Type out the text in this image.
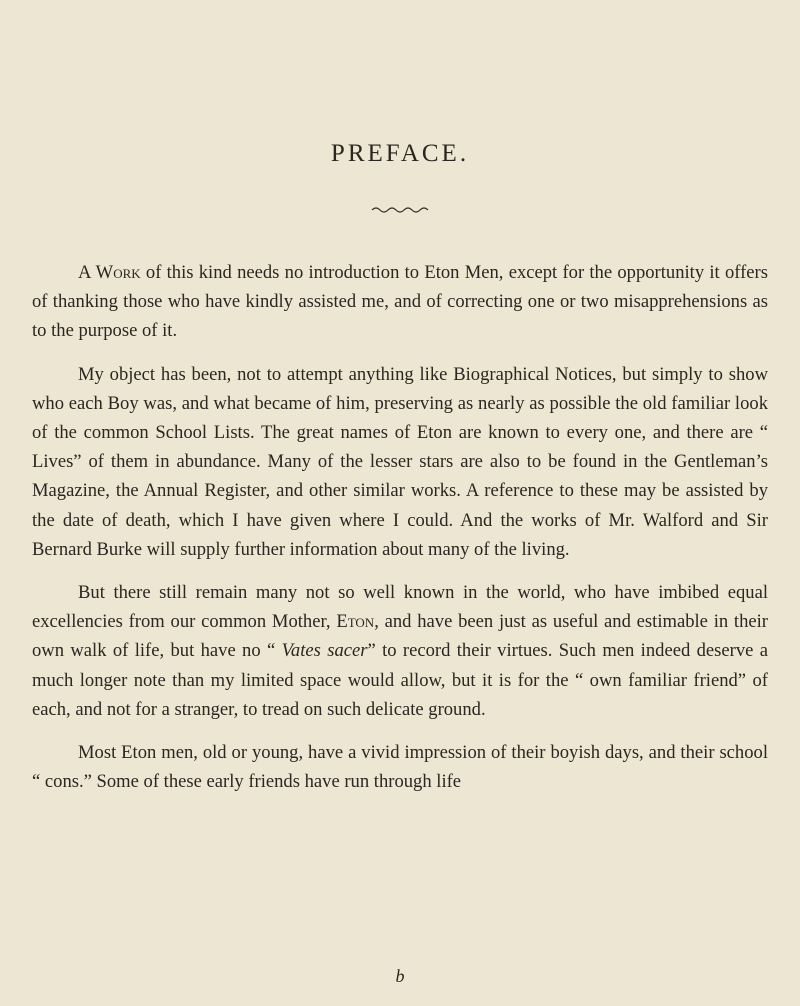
PREFACE.

A Work of this kind needs no introduction to Eton Men, except for the opportunity it offers of thanking those who have kindly assisted me, and of correcting one or two misapprehensions as to the purpose of it.

My object has been, not to attempt anything like Biographical Notices, but simply to show who each Boy was, and what became of him, preserving as nearly as possible the old familiar look of the common School Lists. The great names of Eton are known to every one, and there are “ Lives” of them in abundance. Many of the lesser stars are also to be found in the Gentleman’s Magazine, the Annual Register, and other similar works. A reference to these may be assisted by the date of death, which I have given where I could. And the works of Mr. Walford and Sir Bernard Burke will supply further information about many of the living.

But there still remain many not so well known in the world, who have imbibed equal excellencies from our common Mother, Eton, and have been just as useful and estimable in their own walk of life, but have no “ Vates sacer” to record their virtues. Such men indeed deserve a much longer note than my limited space would allow, but it is for the “ own familiar friend” of each, and not for a stranger, to tread on such delicate ground.

Most Eton men, old or young, have a vivid impression of their boyish days, and their school “ cons.” Some of these early friends have run through life

b
